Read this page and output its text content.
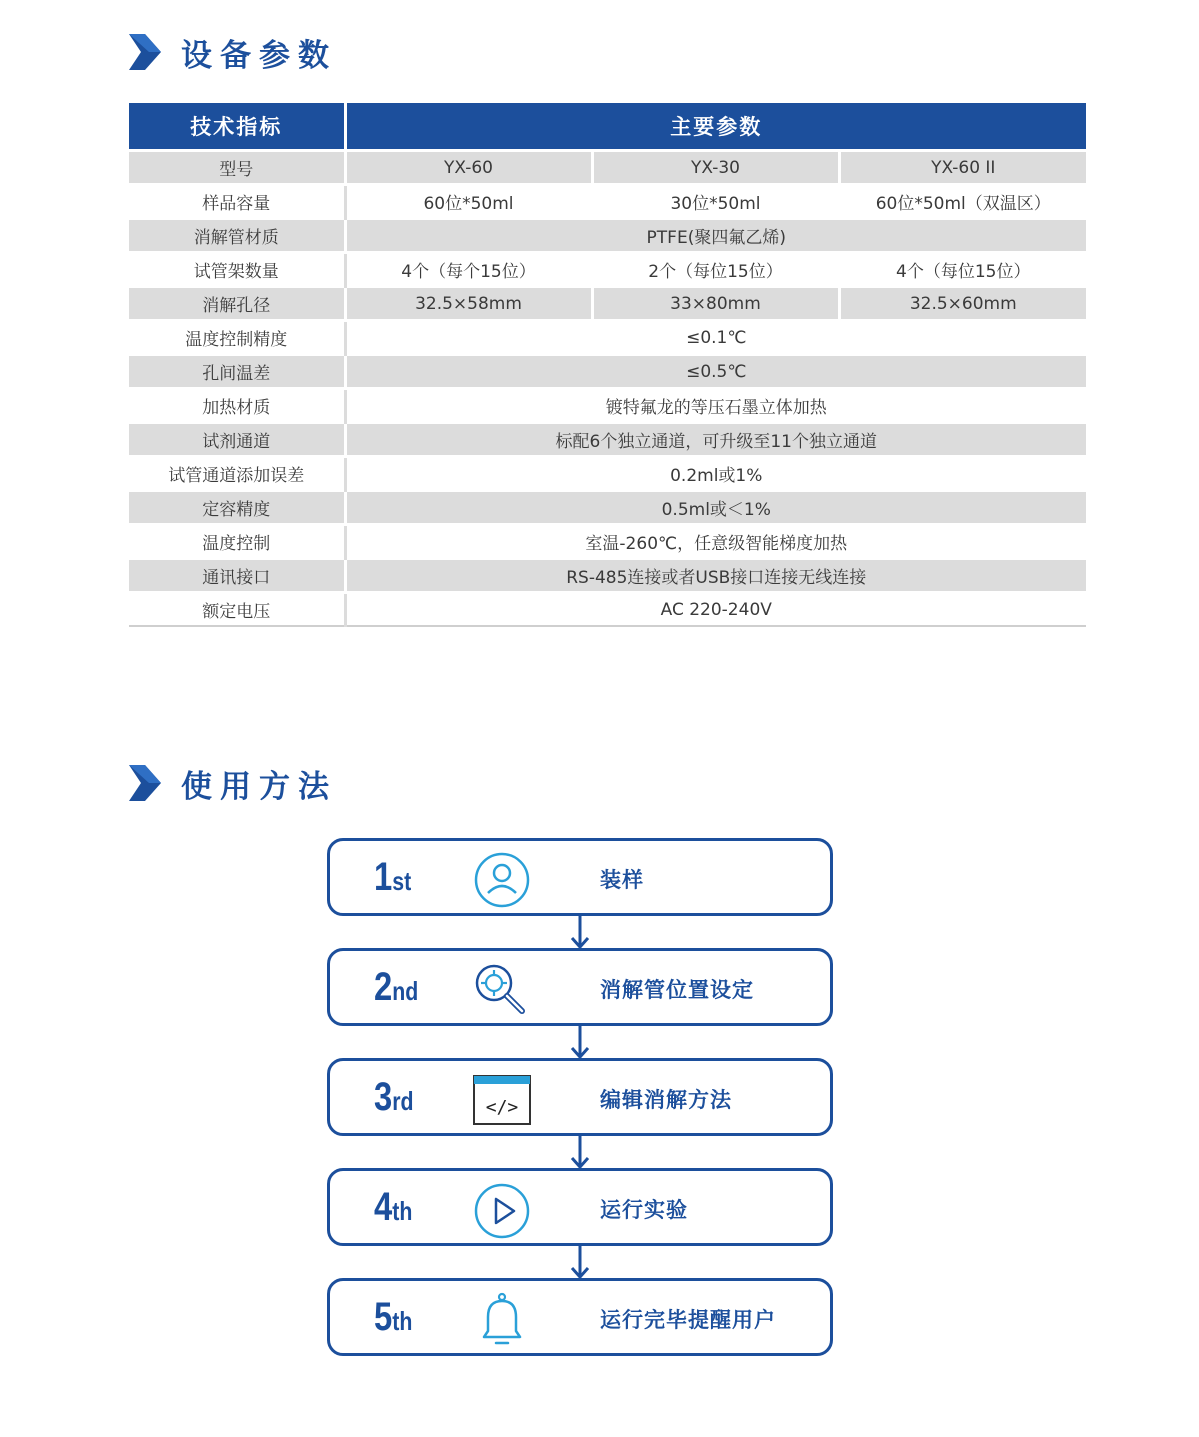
设备参数
技术指标	主要参数		
型号	YX-60	YX-30	YX-60 II
样品容量	60位*50ml	30位*50ml	60位*50ml（双温区）
消解管材质	PTFE(聚四氟乙烯)		
试管架数量	4个（每个15位）	2个（每位15位）	4个（每位15位）
消解孔径	32.5×58mm	33×80mm	32.5×60mm
温度控制精度	≤0.1℃		
孔间温差	≤0.5℃		
加热材质	镀特氟龙的等压石墨立体加热		
试剂通道	标配6个独立通道，可升级至11个独立通道		
试管通道添加误差	0.2ml或1%		
定容精度	0.5ml或＜1%		
温度控制	室温-260℃，任意级智能梯度加热		
通讯接口	RS-485连接或者USB接口连接无线连接		
额定电压	AC 220-240V		
使用方法
1st	装样
2nd	消解管位置设定
3rd	</>	编辑消解方法
4th	运行实验
5th	运行完毕提醒用户
